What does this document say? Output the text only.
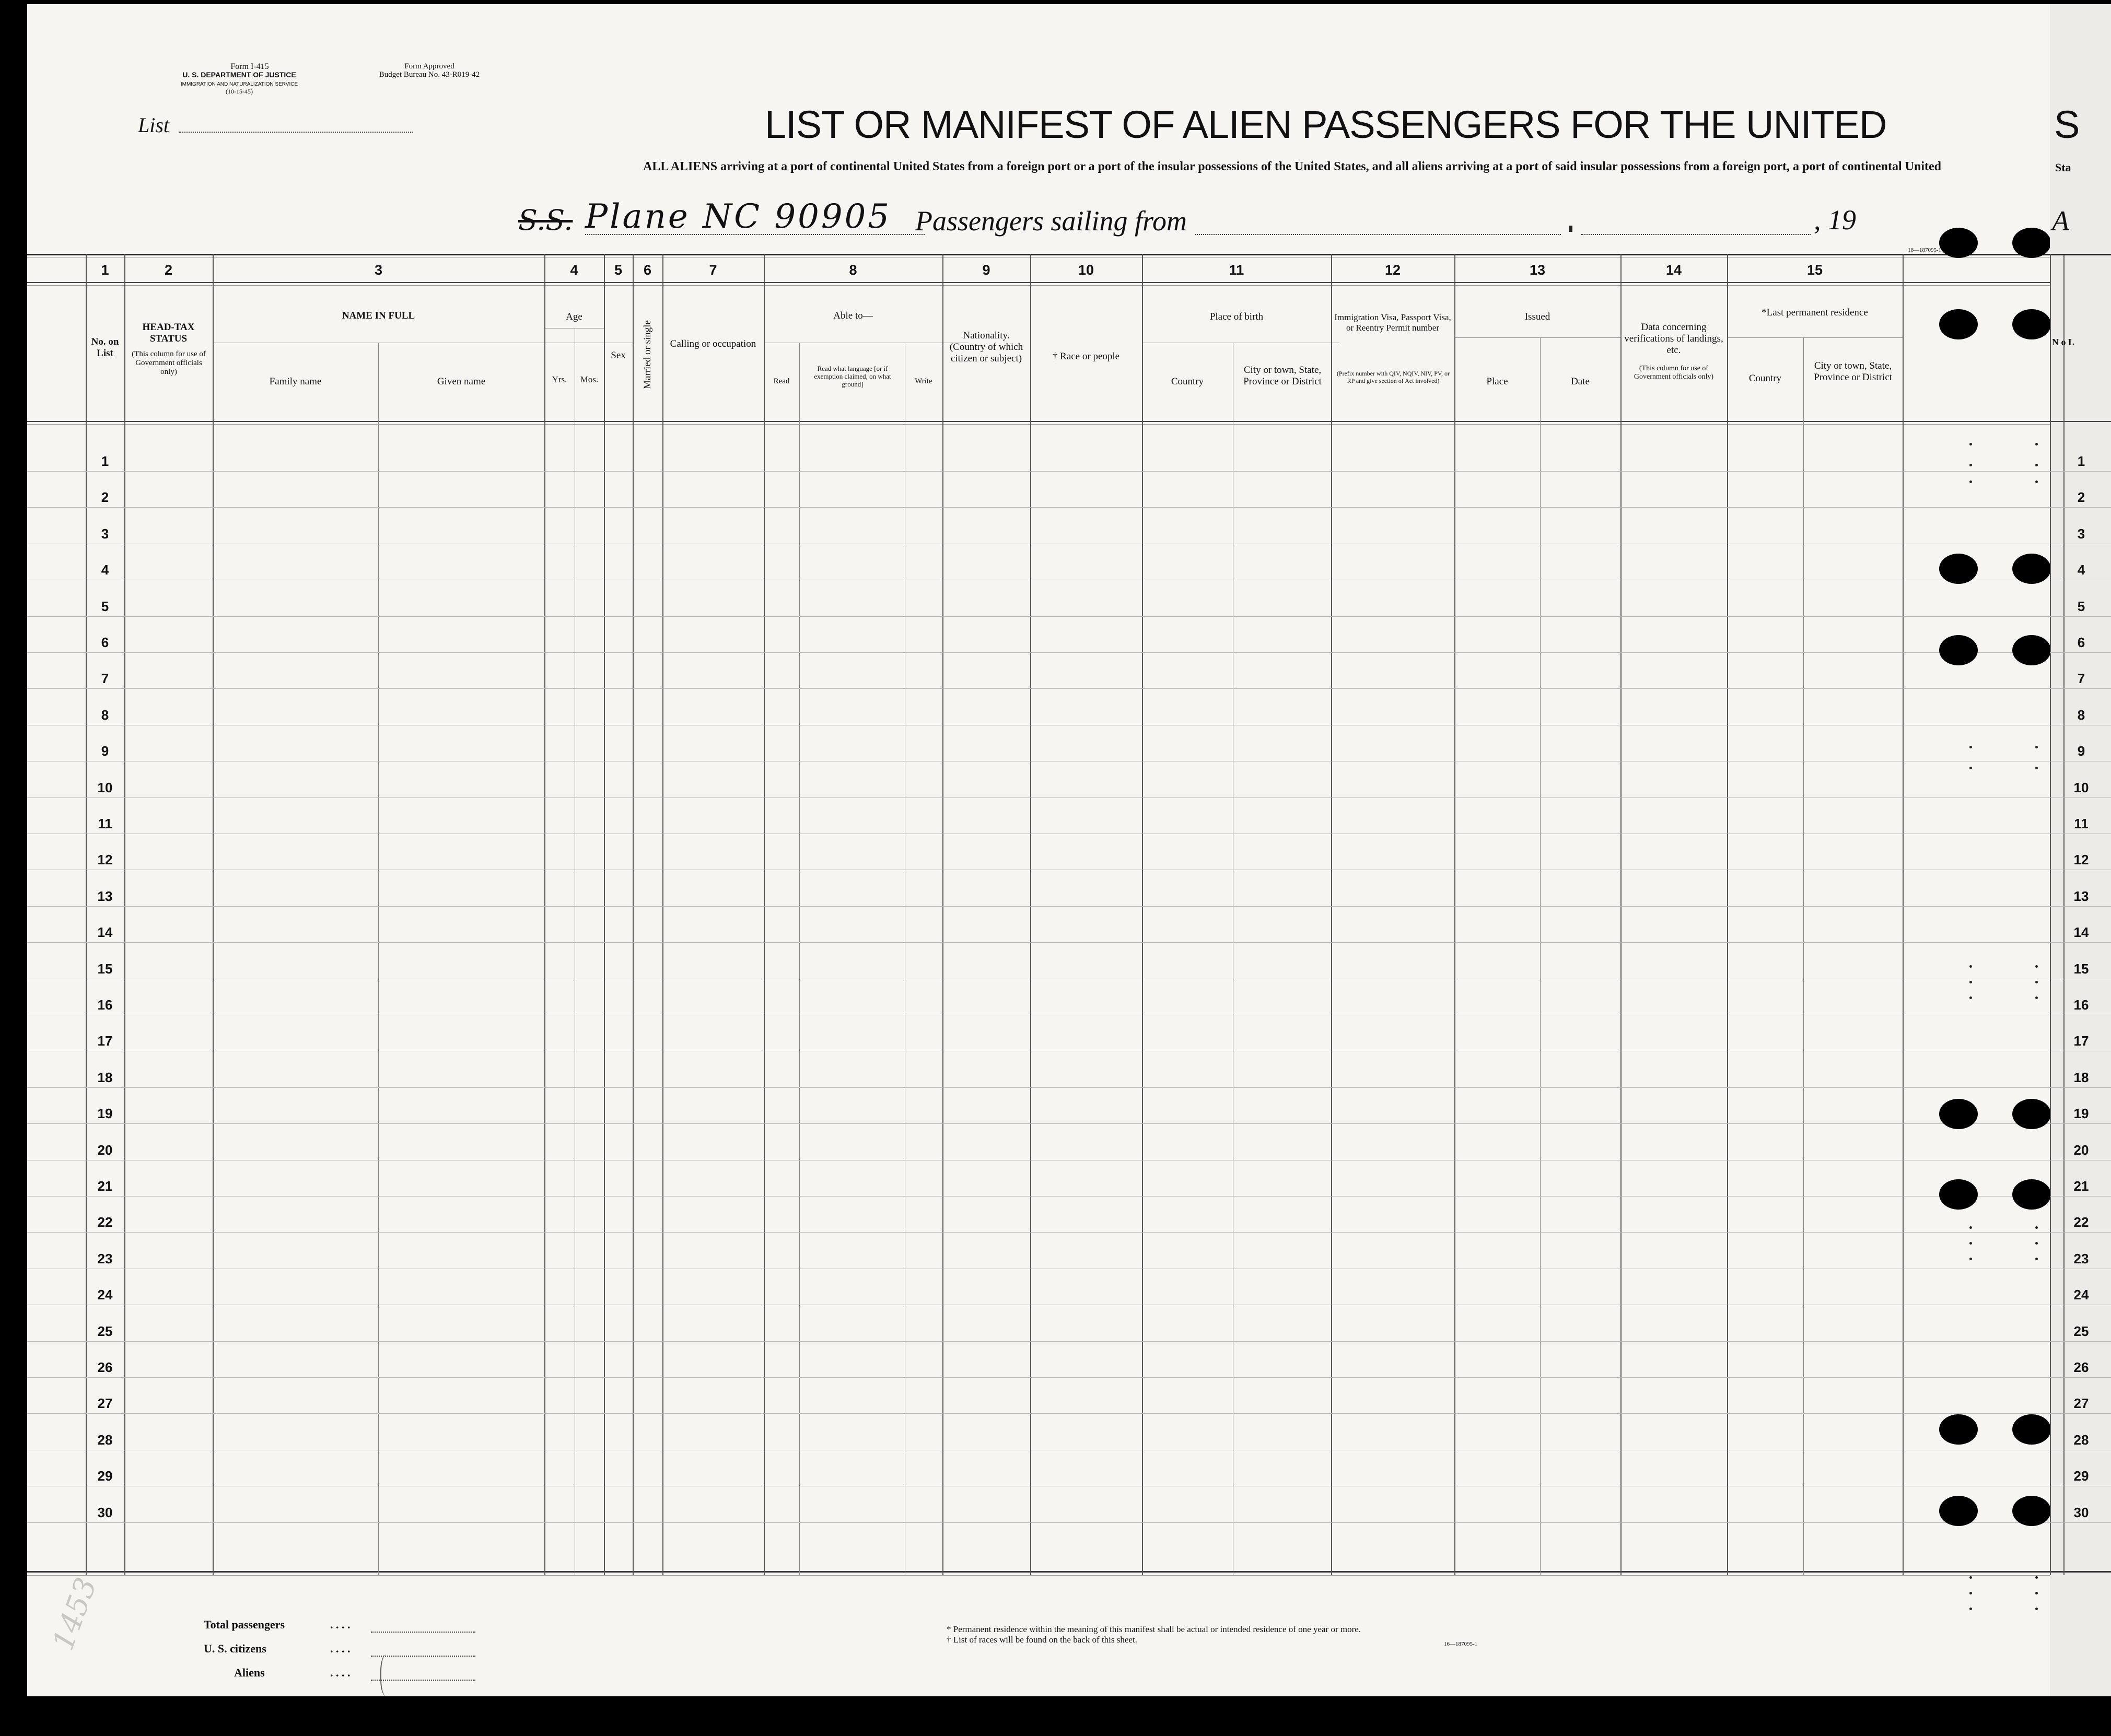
Form I-415
U. S. DEPARTMENT OF JUSTICE
IMMIGRATION AND NATURALIZATION SERVICE
(10-15-45)
Form Approved
Budget Bureau No. 43-R019-42
List	LIST OR MANIFEST OF ALIEN PASSENGERS FOR THE UNITED
ALL ALIENS arriving at a port of continental United States from a foreign port or a port of the insular possessions of the United States, and all aliens arriving at a port of said insular possessions from a foreign port, a port of continental United
S.S. Plane NC 90905 Passengers sailing from	, 19
16—187095-1
1	2	3	4	5	6	7	8	9	10	11	12	13	14	15
No. on List
HEAD-TAX STATUS
(This column for use of Government officials only)
NAME IN FULL
Family name	Given name
Age
Yrs.	Mos.
Sex	Married or single	Calling or occupation
Able to—
Read
Read what language [or if exemption claimed, on what ground]	Write
Nationality. (Country of which citizen or subject)	† Race or people
Place of birth
Country
City or town, State, Province or District
Immigration Visa, Passport Visa, or Reentry Permit number
(Prefix number with QIV, NQIV, NIV, PV, or RP and give section of Act involved)
Issued
Place	Date
Data concerning verifications of landings, etc.
(This column for use of Government officials only)
*Last permanent residence
Country
City or town, State, Province or District
1
2
3
4
5
6
7
8
9
10
11
12
13
14
15
16
17
18
19
20
21
22
23
24
25
26
27
28
29
30
Total passengers	. . . .
U. S. citizens	. . . .
Aliens	. . . .
1453	* Permanent residence within the meaning of this manifest shall be actual or intended residence of one year or more.
† List of races will be found on the back of this sheet.	16—187095-1
S
Sta
A
N o L
1
2
3
4
5
6
7
8
9
10
11
12
13
14
15
16
17
18
19
20
21
22
23
24
25
26
27
28
29
30
